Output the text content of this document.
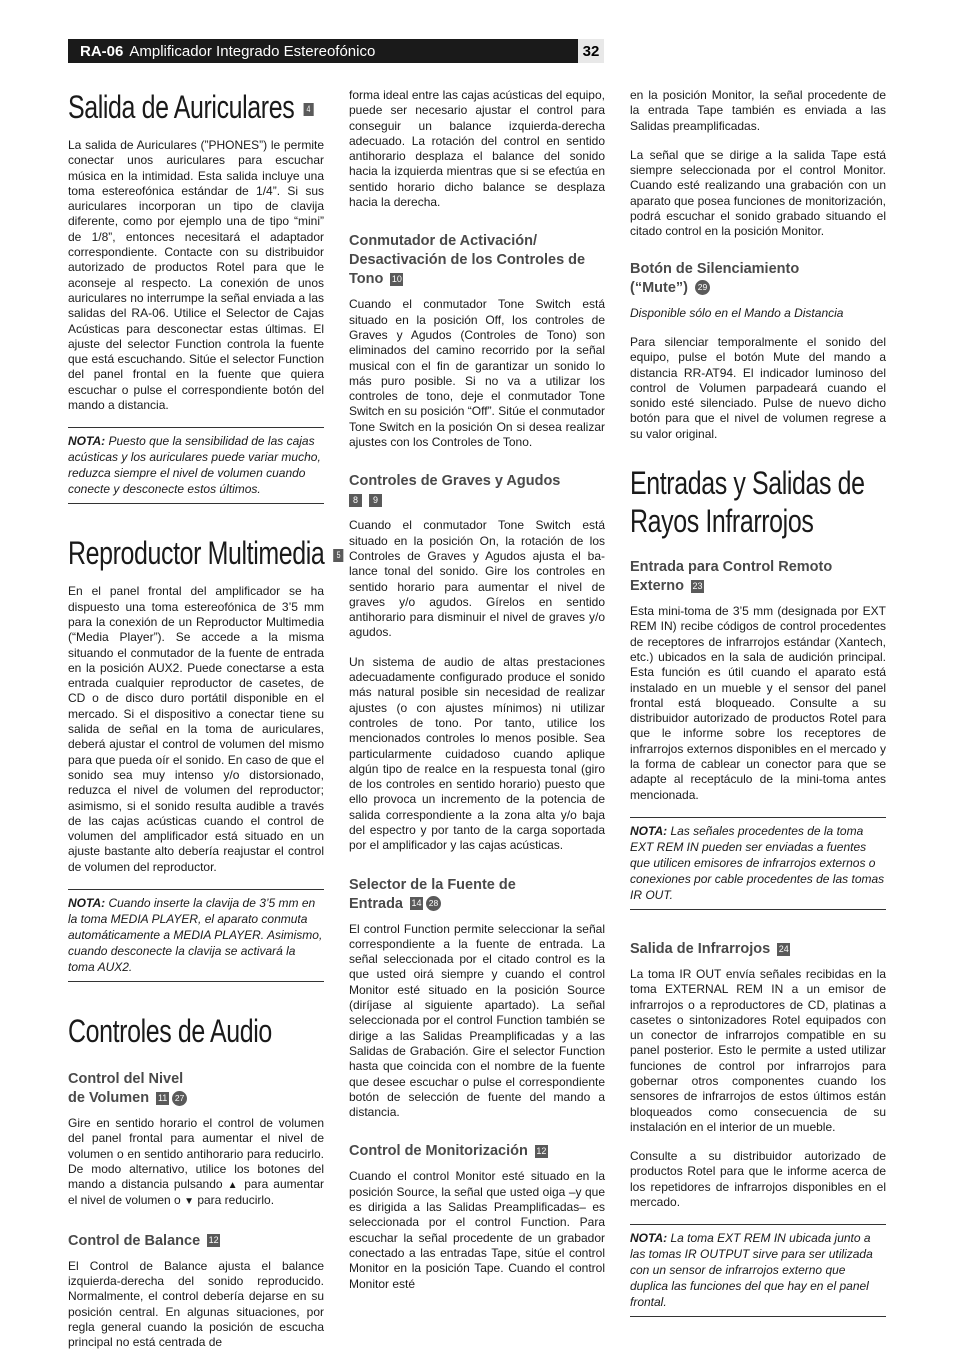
RA-06 Amplificador Integrado Estereofónico	32
Salida de Auriculares 4

La salida de Auriculares (”PHONES”) le permite conectar unos auriculares para escuchar música en la intimidad. Esta salida incluye una toma estereofónica estándar de 1/4”. Si sus auriculares incorporan un tipo de clavija diferente, como por ejemplo una de tipo “mini” de 1/8”, entonces necesitará el adaptador correspondiente. Contacte con su distribuidor autorizado de productos Rotel para que le aconseje al respecto. La conexión de unos auriculares no interrumpe la señal enviada a las salidas del RA-06. Utilice el Selector de Cajas Acústicas para desconectar estas últimas. El ajuste del selector Function controla la fuente que está escuchando. Sitúe el selector Function del panel frontal en la fuente que quiera escuchar o pulse el correspondiente botón del mando a distancia.

NOTA: Puesto que la sensibilidad de las cajas acústicas y los auriculares puede variar mucho, reduzca siempre el nivel de volumen cuando conecte y desconecte estos últimos.
Reproductor Multimedia 5

En el panel frontal del amplificador se ha dispuesto una toma estereofónica de 3’5 mm para la conexión de un Reproductor Multimedia (“Media Player”). Se accede a la misma situando el conmutador de la fuente de entrada en la posición AUX2. Puede conectarse a esta entrada cualquier reproductor de casetes, de CD o de disco duro portátil disponible en el mercado. Si el dispositivo a conectar tiene su salida de señal en la toma de auriculares, deberá ajustar el control de volumen del mismo para que pueda oír el sonido. En caso de que el sonido sea muy intenso y/o distorsionado, reduzca el nivel de volumen del reproductor; asimismo, si el sonido resulta audible a través de las cajas acústicas cuando el control de volumen del amplificador está situado en un ajuste bastante alto debería reajustar el control de volumen del reproductor.

NOTA: Cuando inserte la clavija de 3’5 mm en la toma MEDIA PLAYER, el aparato conmuta automáticamente a MEDIA PLAYER. Asimismo, cuando desconecte la clavija se activará la toma AUX2.
Controles de Audio
Control del Nivel
de Volumen 11 27

Gire en sentido horario el control de volumen del panel frontal para aumentar el nivel de volumen o en sentido antihorario para reducirlo. De modo alternativo, utilice los botones del mando a distancia pulsando ▲ para aumentar el nivel de volumen o ▼ para reducirlo.

Control de Balance 12

El Control de Balance ajusta el balance izquierda-derecha del sonido reproducido. Normalmente, el control debería dejarse en su posición central. En algunas situaciones, por regla general cuando la posición de escucha principal no está centrada de

forma ideal entre las cajas acústicas del equipo, puede ser necesario ajustar el control para conseguir un balance izquierda-derecha adecuado. La rotación del control en sentido antihorario desplaza el balance del sonido hacia la izquierda mientras que si se efectúa en sentido horario dicho balance se desplaza hacia la derecha.

Conmutador de Activación/ Desactivación de los Controles de Tono 10

Cuando el conmutador Tone Switch está situado en la posición Off, los controles de Graves y Agudos (Controles de Tono) son eliminados del camino recorrido por la señal musical con el fin de garantizar un sonido lo más puro posible. Si no va a utilizar los controles de tono, deje el conmutador Tone Switch en su posición “Off”. Sitúe el conmutador Tone Switch en la posición On si desea realizar ajustes con los Controles de Tono.

Controles de Graves y Agudos
8 9

Cuando el conmutador Tone Switch está situado en la posición On, la rotación de los Controles de Graves y Agudos ajusta el ba-lance tonal del sonido. Gire los controles en sentido horario para aumentar el nivel de graves y/o agudos. Gírelos en sentido antihorario para disminuir el nivel de graves y/o agudos.

Un sistema de audio de altas prestaciones adecuadamente configurado produce el sonido más natural posible sin necesidad de realizar ajustes (o con ajustes mínimos) ni utilizar controles de tono. Por tanto, utilice los mencionados controles lo menos posible. Sea particularmente cuidadoso cuando aplique algún tipo de realce en la respuesta tonal (giro de los controles en sentido horario) puesto que ello provoca un incremento de la potencia de salida correspondiente a la zona alta y/o baja del espectro y por tanto de la carga soportada por el amplificador y las cajas acústicas.

Selector de la Fuente de
Entrada 14 28

El control Function permite seleccionar la señal correspondiente a la fuente de entrada. La señal seleccionada por el citado control es la que usted oirá siempre y cuando el control Monitor esté situado en la posición Source (diríjase al siguiente apartado). La señal seleccionada por el control Function también se dirige a las Salidas Preamplificadas y a las Salidas de Grabación. Gire el selector Function hasta que coincida con el nombre de la fuente que desee escuchar o pulse el correspondiente botón de selección de fuente del mando a distancia.

Control de Monitorización 12

Cuando el control Monitor esté situado en la posición Source, la señal que usted oiga –y que es dirigida a las Salidas Preamplificadas– es seleccionada por el control Function. Para escuchar la señal procedente de un grabador conectado a las entradas Tape, sitúe el control Monitor en la posición Tape. Cuando el control Monitor esté

en la posición Monitor, la señal procedente de la entrada Tape también es enviada a las Salidas preamplificadas.

La señal que se dirige a la salida Tape está siempre seleccionada por el control Monitor. Cuando esté realizando una grabación con un aparato que posea funciones de monitorización, podrá escuchar el sonido grabado situando el citado control en la posición Monitor.

Botón de Silenciamiento
(“Mute”) 29

Disponible sólo en el Mando a Distancia

Para silenciar temporalmente el sonido del equipo, pulse el botón Mute del mando a distancia RR-AT94. El indicador luminoso del control de Volumen parpadeará cuando el sonido esté silenciado. Pulse de nuevo dicho botón para que el nivel de volumen regrese a su valor original.

Entradas y Salidas de Rayos Infrarrojos
Entrada para Control Remoto
Externo 23

Esta mini-toma de 3’5 mm (designada por EXT REM IN) recibe códigos de control procedentes de receptores de infrarrojos estándar (Xantech, etc.) ubicados en la sala de audición principal. Esta función es útil cuando el aparato está instalado en un mueble y el sensor del panel frontal está bloqueado. Consulte a su distribuidor autorizado de productos Rotel para que le informe sobre los receptores de infrarrojos externos disponibles en el mercado y la forma de cablear un conector para que se adapte al receptáculo de la mini-toma antes mencionada.

NOTA: Las señales procedentes de la toma EXT REM IN pueden ser enviadas a fuentes que utilicen emisores de infrarrojos externos o conexiones por cable procedentes de las tomas IR OUT.
Salida de Infrarrojos 24

La toma IR OUT envía señales recibidas en la toma EXTERNAL REM IN a un emisor de infrarrojos o a reproductores de CD, platinas a casetes o sintonizadores Rotel equipados con un conector de infrarrojos compatible en su panel posterior. Esto le permite a usted utilizar funciones de control por infrarrojos para gobernar otros componentes cuando los sensores de infrarrojos de estos últimos están bloqueados como consecuencia de su instalación en el interior de un mueble.

Consulte a su distribuidor autorizado de productos Rotel para que le informe acerca de los repetidores de infrarrojos disponibles en el mercado.

NOTA: La toma EXT REM IN ubicada junto a las tomas IR OUTPUT sirve para ser utilizada con un sensor de infrarrojos externo que duplica las funciones del que hay en el panel frontal.
